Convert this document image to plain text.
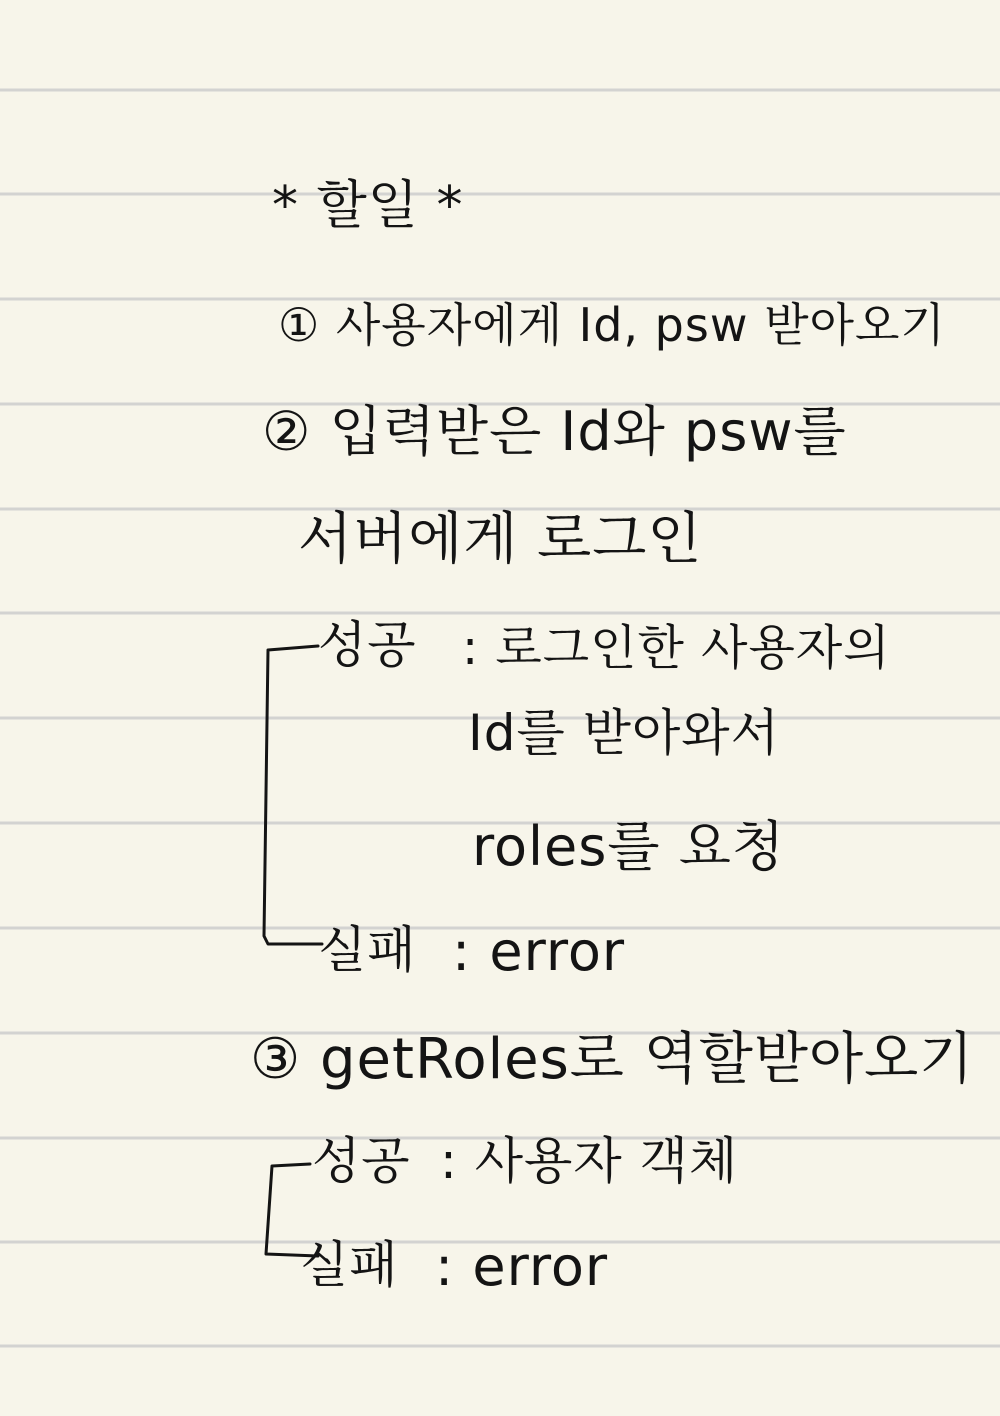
* 할일 *
① 사용자에게 Id, psw 받아오기
② 입력받은 Id와 psw를
서버에게 로그인
성공 : 로그인한 사용자의
Id를 받아와서
roles를 요청
실패 : error
③ getRoles로 역할받아오기
성공 : 사용자 객체
실패 : error
